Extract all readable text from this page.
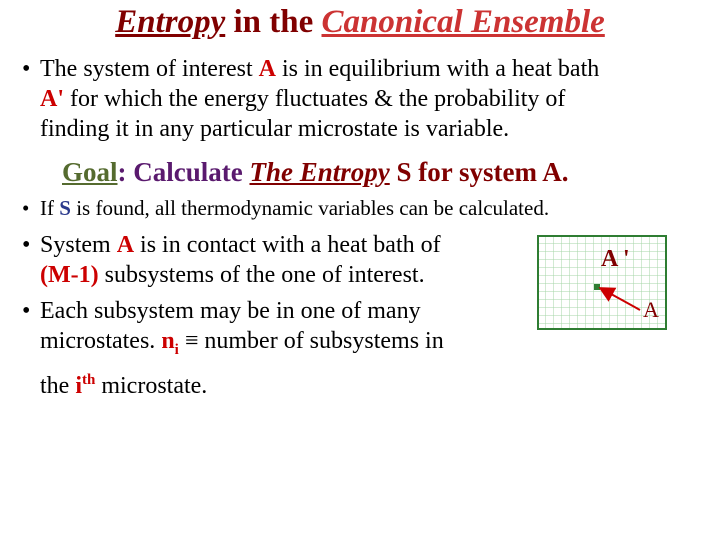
Entropy in the Canonical Ensemble
• The system of interest A is in equilibrium with a heat bath
A' for which the energy fluctuates & the probability of
finding it in any particular microstate is variable.
Goal: Calculate The Entropy S for system A.
• If S is found, all thermodynamic variables can be calculated.
• System A is in contact with a heat bath of
(M-1) subsystems of the one of interest.
• Each subsystem may be in one of many
microstates. $n_i$ ≡ number of subsystems in
the $i^{th}$ microstate.
A '
A
